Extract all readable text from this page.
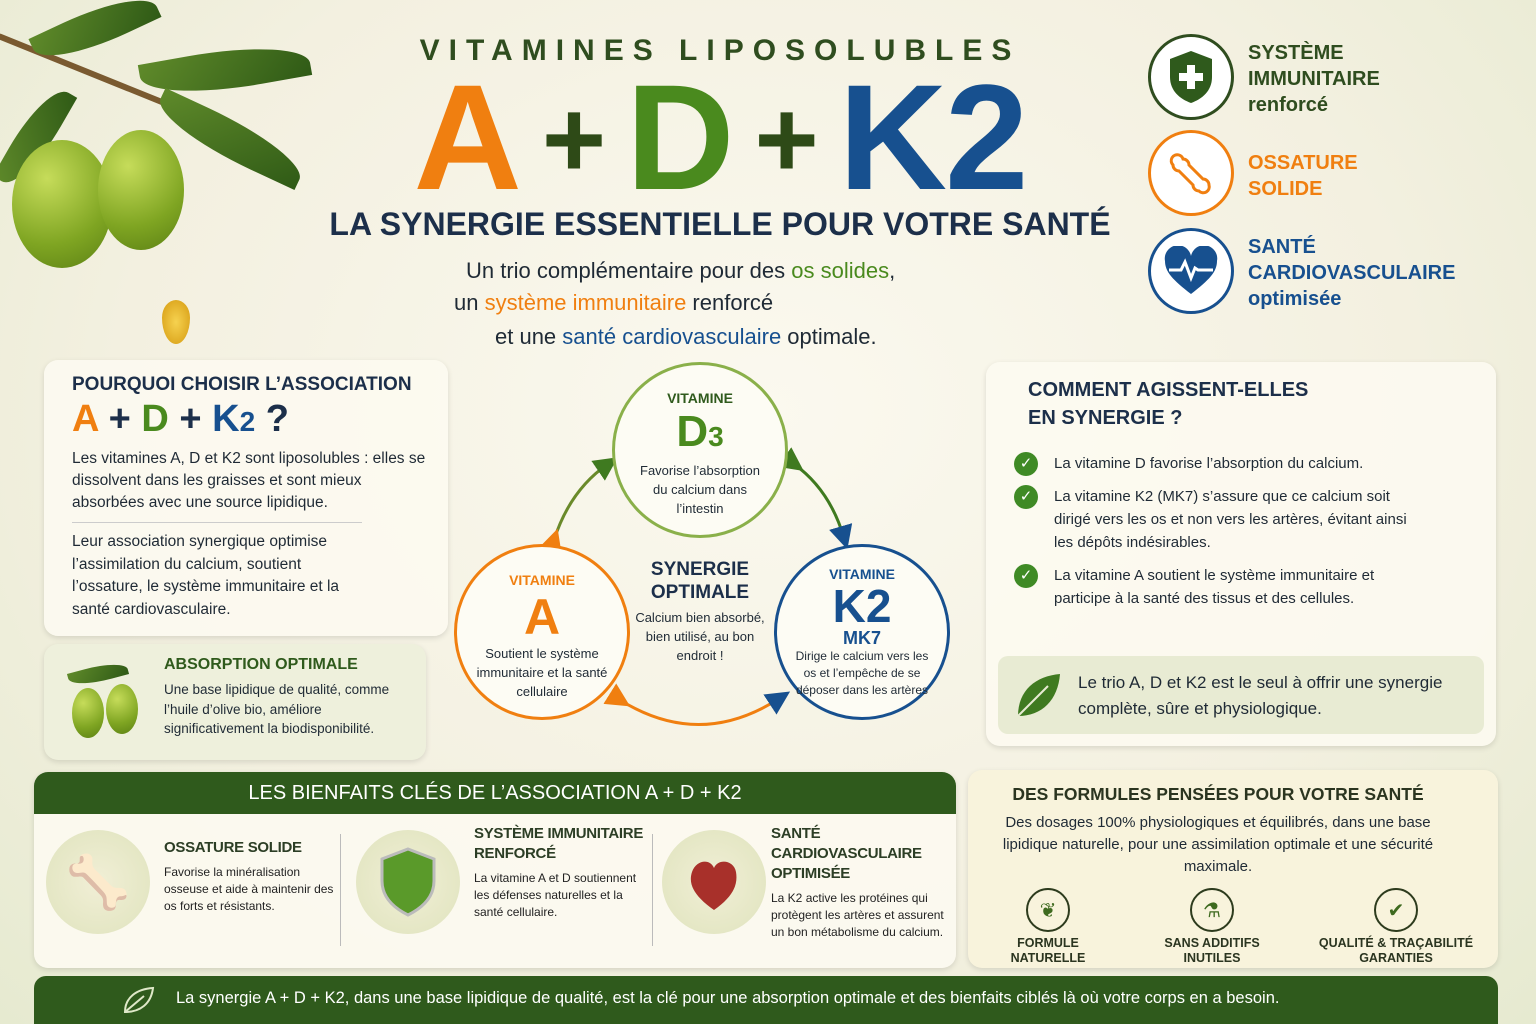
VITAMINES LIPOSOLUBLES
A + D + K2
LA SYNERGIE ESSENTIELLE POUR VOTRE SANTÉ
Un trio complémentaire pour des os solides,
un système immunitaire renforcé
et une santé cardiovasculaire optimale.
SYSTÈME
IMMUNITAIRE
renforcé
OSSATURE
SOLIDE
SANTÉ
CARDIOVASCULAIRE
optimisée
POURQUOI CHOISIR L’ASSOCIATION
A + D + K2 ?
Les vitamines A, D et K2 sont liposolubles : elles se dissolvent dans les graisses et sont mieux absorbées avec une source lipidique.
Leur association synergique optimise l’assimilation du calcium, soutient l’ossature, le système immunitaire et la santé cardiovasculaire.
ABSORPTION OPTIMALE
Une base lipidique de qualité, comme l’huile d’olive bio, améliore significativement la biodisponibilité.
VITAMINE
D3
Favorise l’absorption du calcium dans l’intestin
VITAMINE
A
Soutient le système immunitaire et la santé cellulaire
VITAMINE
K2
MK7
Dirige le calcium vers les os et l’empêche de se déposer dans les artères
SYNERGIE
OPTIMALE
Calcium bien absorbé, bien utilisé, au bon endroit !
COMMENT AGISSENT-ELLES
EN SYNERGIE ?
✓	La vitamine D favorise l’absorption du calcium.
✓	La vitamine K2 (MK7) s’assure que ce calcium soit dirigé vers les os et non vers les artères, évitant ainsi les dépôts indésirables.
✓	La vitamine A soutient le système immunitaire et participe à la santé des tissus et des cellules.
Le trio A, D et K2 est le seul à offrir une synergie complète, sûre et physiologique.
LES BIENFAITS CLÉS DE L’ASSOCIATION A + D + K2
🦴
OSSATURE SOLIDE
Favorise la minéralisation osseuse et aide à maintenir des os forts et résistants.
SYSTÈME IMMUNITAIRE RENFORCÉ
La vitamine A et D soutiennent les défenses naturelles et la santé cellulaire.
SANTÉ CARDIOVASCULAIRE OPTIMISÉE
La K2 active les protéines qui protègent les artères et assurent un bon métabolisme du calcium.
DES FORMULES PENSÉES POUR VOTRE SANTÉ
Des dosages 100% physiologiques et équilibrés, dans une base lipidique naturelle, pour une assimilation optimale et une sécurité maximale.
❦
FORMULE
NATURELLE
⚗
SANS ADDITIFS
INUTILES
✔
QUALITÉ & TRAÇABILITÉ
GARANTIES
La synergie A + D + K2, dans une base lipidique de qualité, est la clé pour une absorption optimale et des bienfaits ciblés là où votre corps en a besoin.
